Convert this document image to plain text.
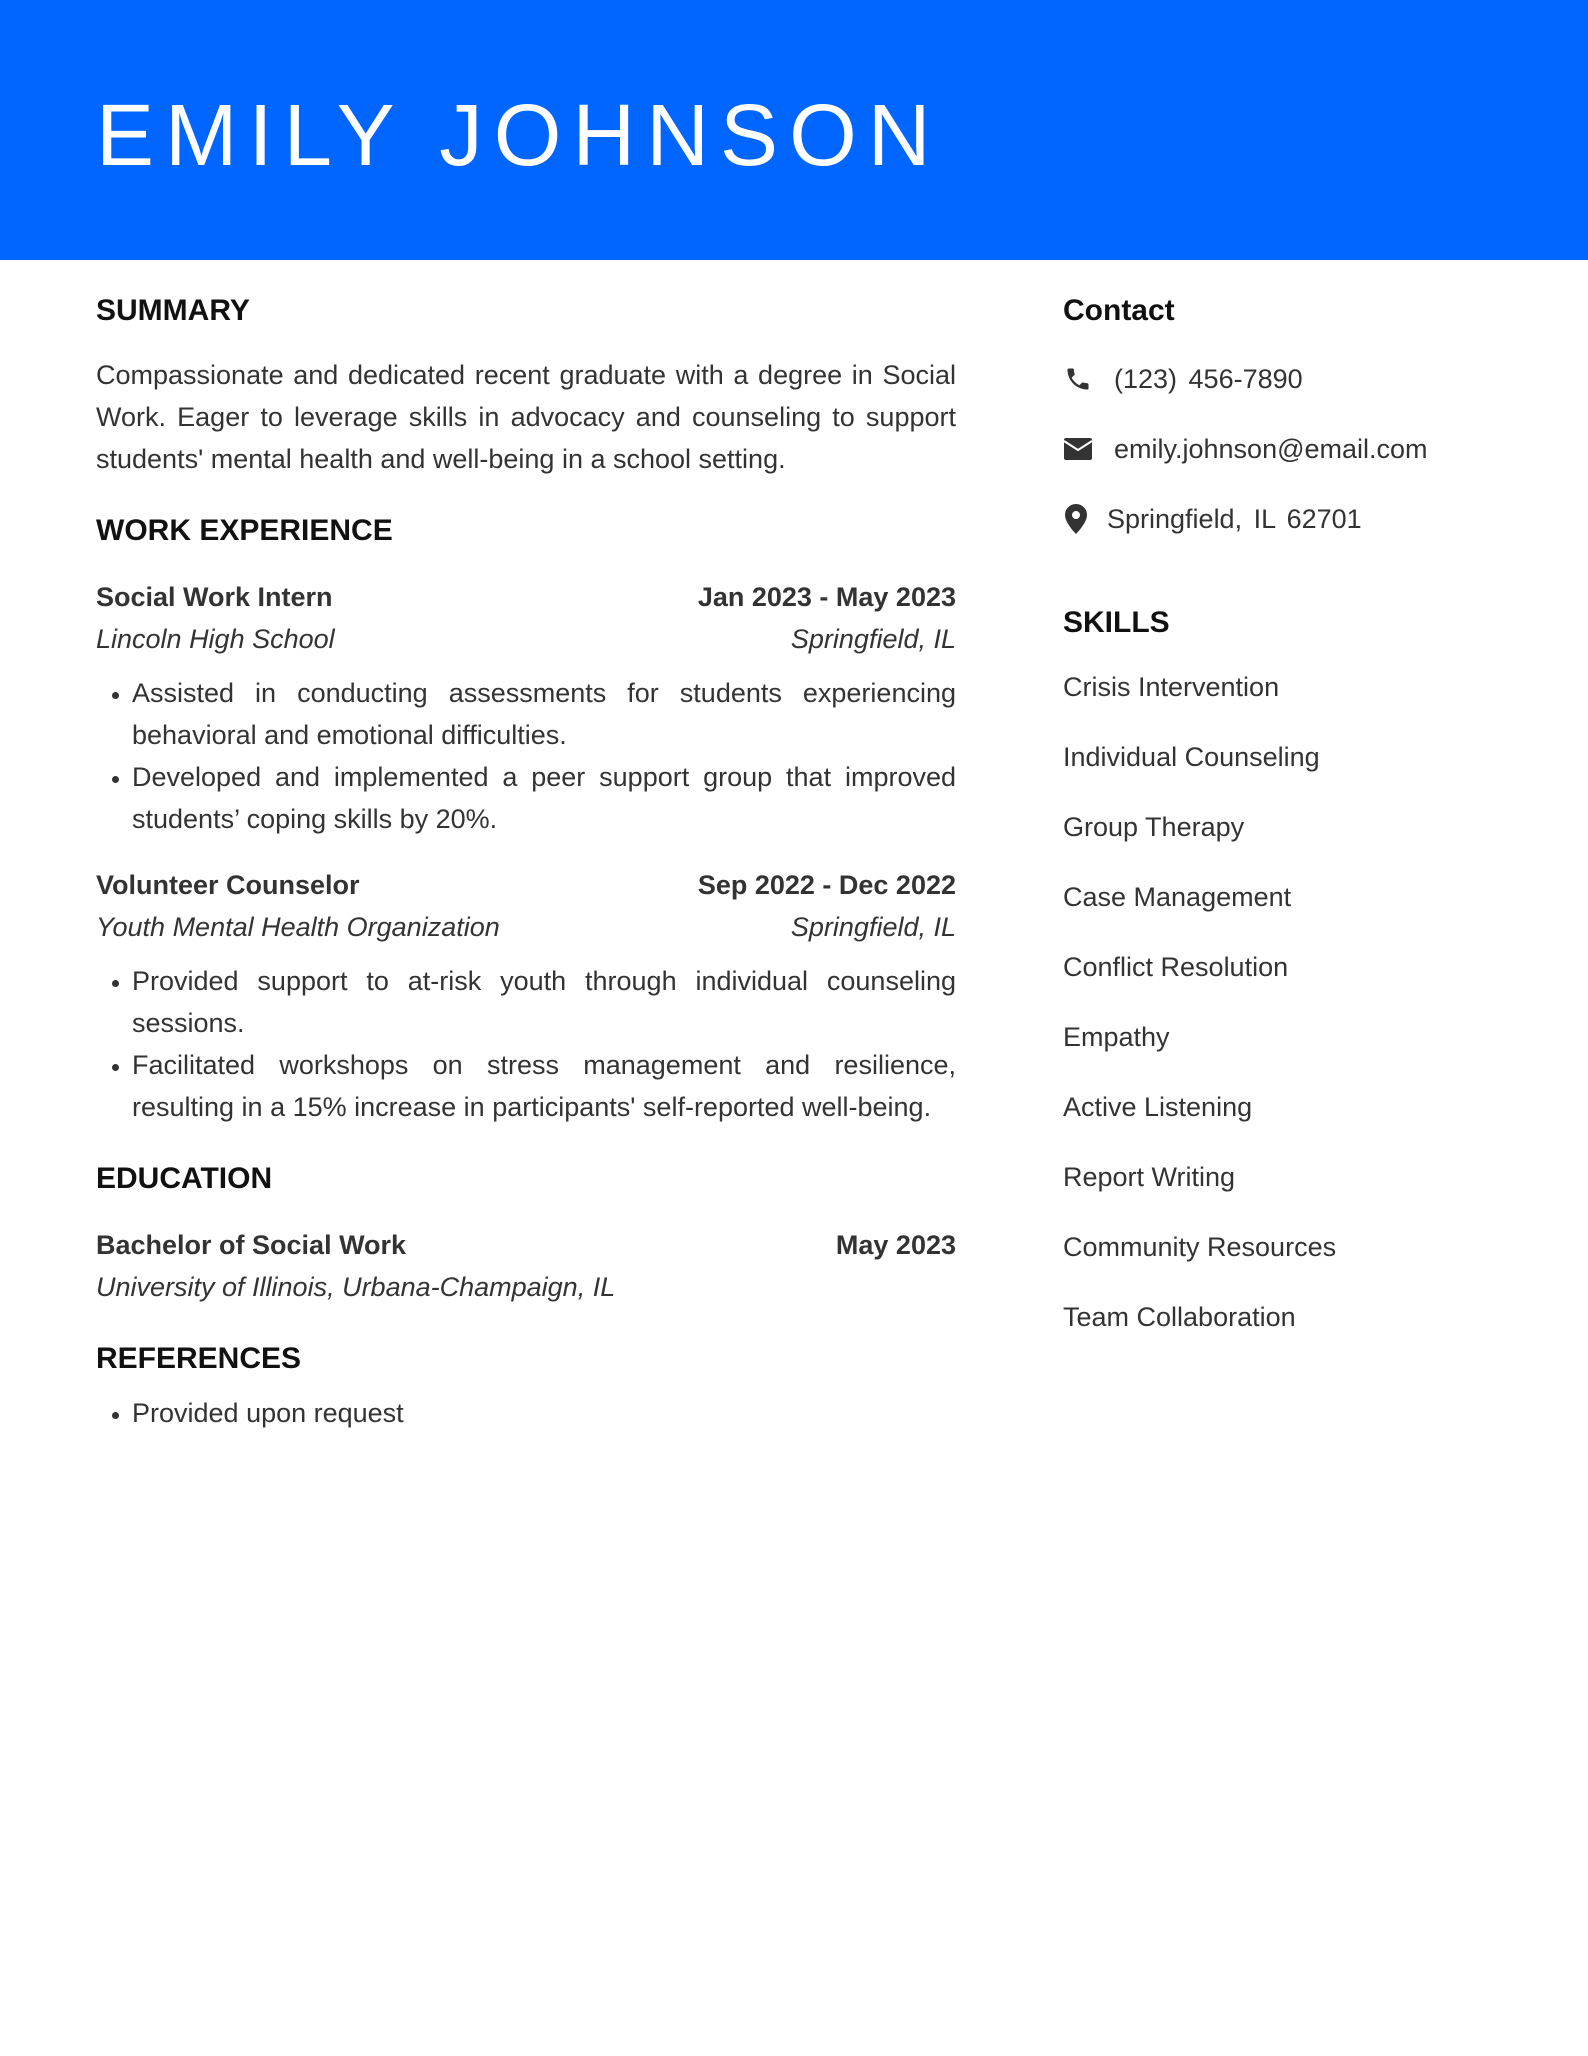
EMILY JOHNSON
SUMMARY

Compassionate and dedicated recent graduate with a degree in Social Work. Eager to leverage skills in advocacy and counseling to support students' mental health and well-being in a school setting.

WORK EXPERIENCE
Social Work Intern	Jan 2023 - May 2023
Lincoln High School	Springfield, IL
• Assisted in conducting assessments for students experiencing behavioral and emotional difficulties.
• Developed and implemented a peer support group that improved students’ coping skills by 20%.
Volunteer Counselor	Sep 2022 - Dec 2022
Youth Mental Health Organization	Springfield, IL
• Provided support to at-risk youth through individual counseling sessions.
• Facilitated workshops on stress management and resilience, resulting in a 15% increase in participants' self-reported well-being.
EDUCATION
Bachelor of Social Work	May 2023
University of Illinois, Urbana-Champaign, IL
REFERENCES
• Provided upon request
Contact
(123) 456-7890
emily.johnson@email.com
Springfield, IL 62701
SKILLS
Crisis Intervention
Individual Counseling
Group Therapy
Case Management
Conflict Resolution
Empathy
Active Listening
Report Writing
Community Resources
Team Collaboration
